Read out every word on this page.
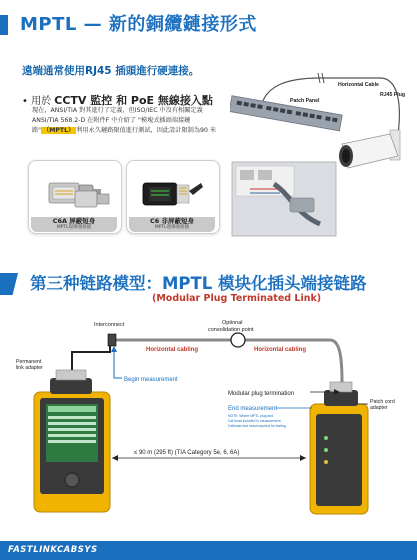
MPTL — 新的銅纜鏈接形式
遠端通常使用RJ45 插頭進行硬連接。
• 用於 CCTV 監控 和 PoE 無線接入點
現在，ANSI/TIA 對其進行了定義，但ISO/IEC 中沒有相關定義ANSI/TIA 568.2-D 在附件F 中介紹了 "模塊式插頭端接鏈路" （MPTL） 利用永久鏈路限值進行測試，因此設計限制為90 米
C6A 屏蔽短身
MPTL現場端接插
C6 非屏蔽短身
MPTL現場端接插
Horizontal Cable
Patch Panel
RJ45 Plug
第三种链路模型：MPTL 模块化插头端接链路
(Modular Plug Terminated Link)
Interconnect	Optional
consolidation point
Horizontal cabling	Horizontal cabling
Permanent
link adapter
Begin measurement
Modular plug termination
End measurement
NOTE: Where MPTL plug and
Cat head included in measurement
Calibrate test head required for testing
Patch cord
adapter
≤ 90 m (295 ft) (TIA Category 5e, 6, 6A)
FASTLINKCABSYS
